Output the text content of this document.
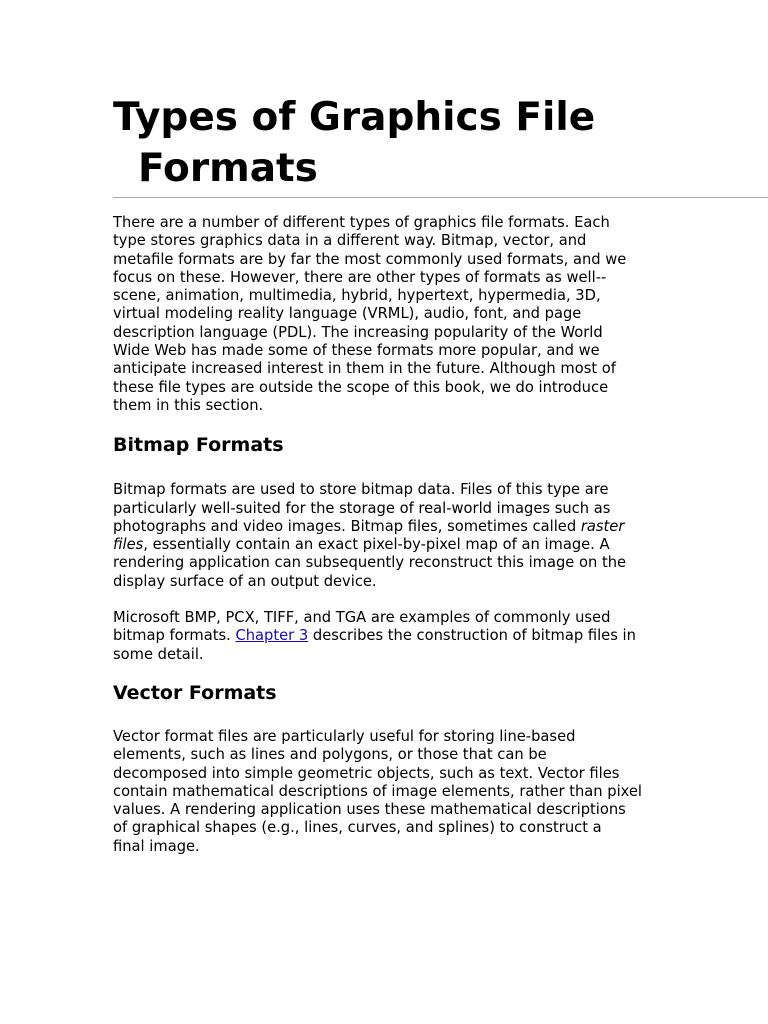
Types of Graphics File
Formats

There are a number of different types of graphics file formats. Each
type stores graphics data in a different way. Bitmap, vector, and
metafile formats are by far the most commonly used formats, and we
focus on these. However, there are other types of formats as well--
scene, animation, multimedia, hybrid, hypertext, hypermedia, 3D,
virtual modeling reality language (VRML), audio, font, and page
description language (PDL). The increasing popularity of the World
Wide Web has made some of these formats more popular, and we
anticipate increased interest in them in the future. Although most of
these file types are outside the scope of this book, we do introduce
them in this section.

Bitmap Formats

Bitmap formats are used to store bitmap data. Files of this type are
particularly well-suited for the storage of real-world images such as
photographs and video images. Bitmap files, sometimes called raster
files, essentially contain an exact pixel-by-pixel map of an image. A
rendering application can subsequently reconstruct this image on the
display surface of an output device.

Microsoft BMP, PCX, TIFF, and TGA are examples of commonly used
bitmap formats. Chapter 3 describes the construction of bitmap files in
some detail.

Vector Formats

Vector format files are particularly useful for storing line-based
elements, such as lines and polygons, or those that can be
decomposed into simple geometric objects, such as text. Vector files
contain mathematical descriptions of image elements, rather than pixel
values. A rendering application uses these mathematical descriptions
of graphical shapes (e.g., lines, curves, and splines) to construct a
final image.
